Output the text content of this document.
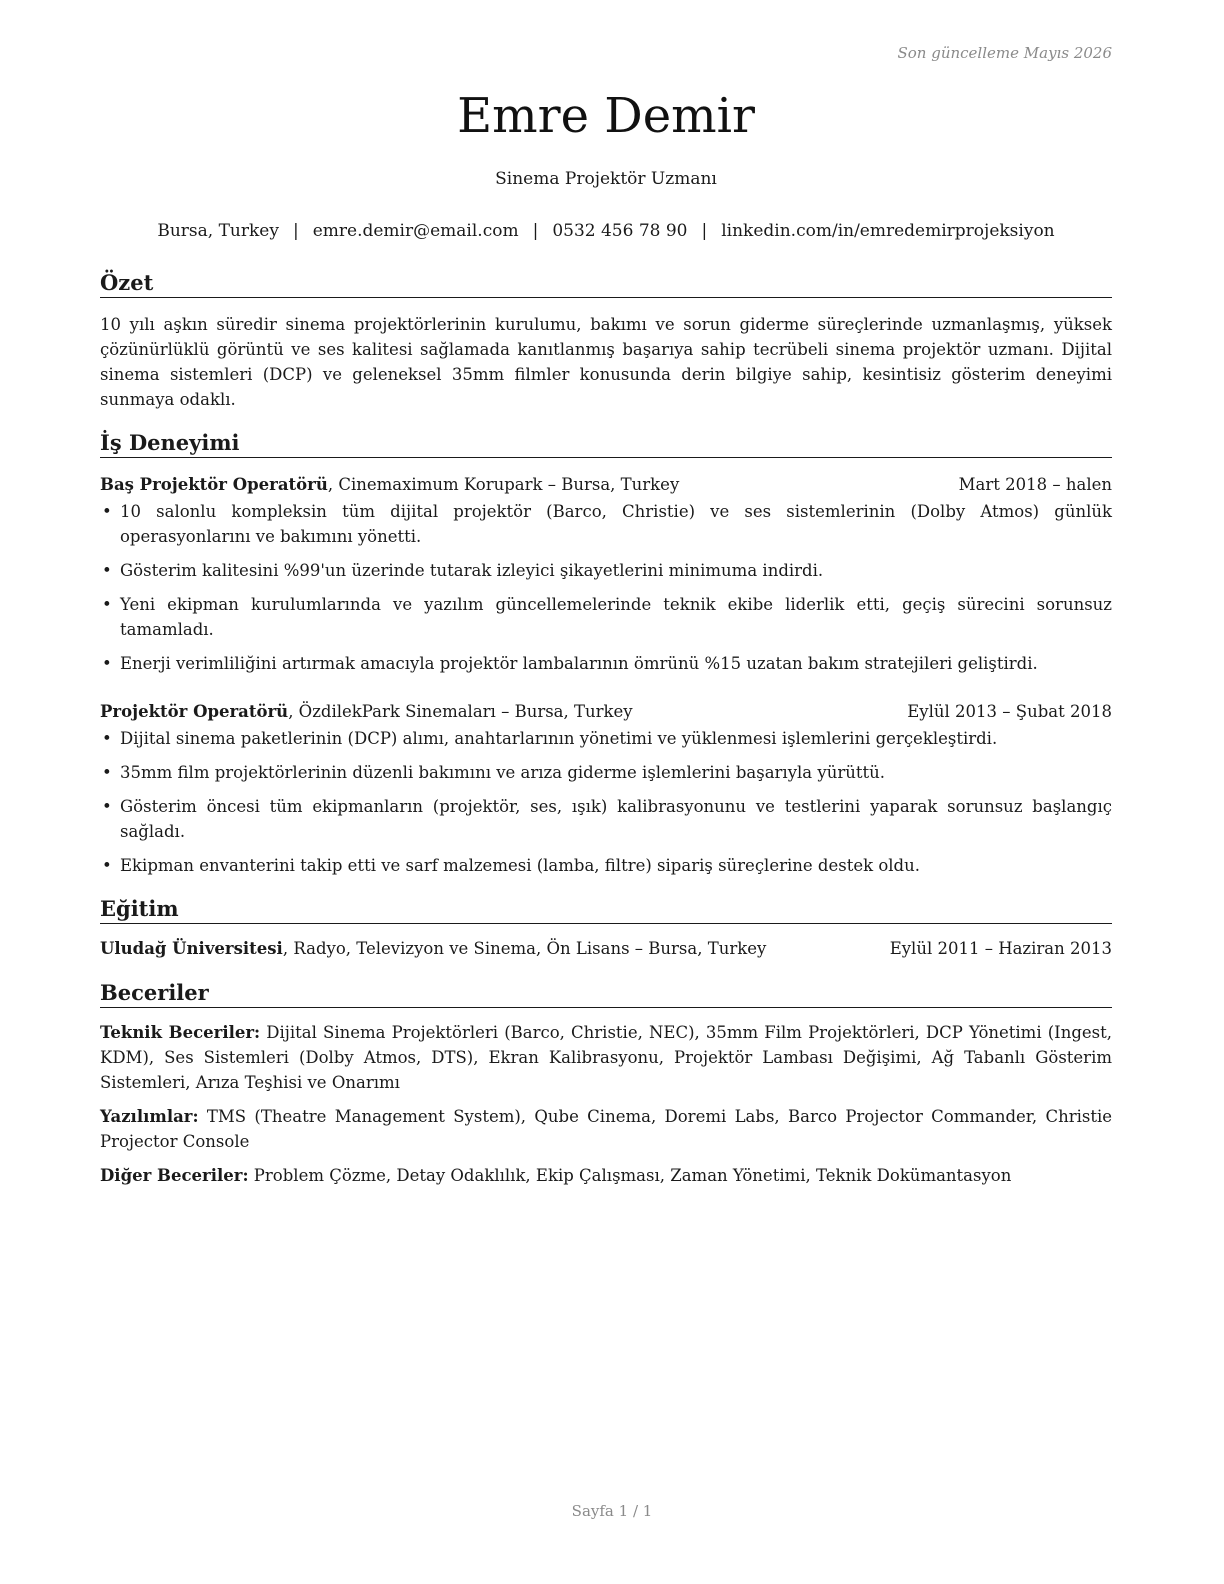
Son güncelleme Mayıs 2026
Emre Demir
Sinema Projektör Uzmanı
Bursa, Turkey | emre.demir@email.com | 0532 456 78 90 | linkedin.com/in/emredemirprojeksiyon
Özet

10 yılı aşkın süredir sinema projektörlerinin kurulumu, bakımı ve sorun giderme süreçlerinde uzmanlaşmış, yüksek çözünürlüklü görüntü ve ses kalitesi sağlamada kanıtlanmış başarıya sahip tecrübeli sinema projektör uzmanı. Dijital sinema sistemleri (DCP) ve geleneksel 35mm filmler konusunda derin bilgiye sahip, kesintisiz gösterim deneyimi sunmaya odaklı.

İş Deneyimi
Baş Projektör Operatörü, Cinemaximum Korupark – Bursa, Turkey	Mart 2018 – halen
• 10 salonlu kompleksin tüm dijital projektör (Barco, Christie) ve ses sistemlerinin (Dolby Atmos) günlük operasyonlarını ve bakımını yönetti.
• Gösterim kalitesini %99'un üzerinde tutarak izleyici şikayetlerini minimuma indirdi.
• Yeni ekipman kurulumlarında ve yazılım güncellemelerinde teknik ekibe liderlik etti, geçiş sürecini sorunsuz tamamladı.
• Enerji verimliliğini artırmak amacıyla projektör lambalarının ömrünü %15 uzatan bakım stratejileri geliştirdi.
Projektör Operatörü, ÖzdilekPark Sinemaları – Bursa, Turkey	Eylül 2013 – Şubat 2018
• Dijital sinema paketlerinin (DCP) alımı, anahtarlarının yönetimi ve yüklenmesi işlemlerini gerçekleştirdi.
• 35mm film projektörlerinin düzenli bakımını ve arıza giderme işlemlerini başarıyla yürüttü.
• Gösterim öncesi tüm ekipmanların (projektör, ses, ışık) kalibrasyonunu ve testlerini yaparak sorunsuz başlangıç sağladı.
• Ekipman envanterini takip etti ve sarf malzemesi (lamba, filtre) sipariş süreçlerine destek oldu.
Eğitim
Uludağ Üniversitesi, Radyo, Televizyon ve Sinema, Ön Lisans – Bursa, Turkey	Eylül 2011 – Haziran 2013
Beceriler

Teknik Beceriler: Dijital Sinema Projektörleri (Barco, Christie, NEC), 35mm Film Projektörleri, DCP Yönetimi (Ingest, KDM), Ses Sistemleri (Dolby Atmos, DTS), Ekran Kalibrasyonu, Projektör Lambası Değişimi, Ağ Tabanlı Gösterim Sistemleri, Arıza Teşhisi ve Onarımı

Yazılımlar: TMS (Theatre Management System), Qube Cinema, Doremi Labs, Barco Projector Commander, Christie Projector Console

Diğer Beceriler: Problem Çözme, Detay Odaklılık, Ekip Çalışması, Zaman Yönetimi, Teknik Dokümantasyon

Sayfa 1 / 1
